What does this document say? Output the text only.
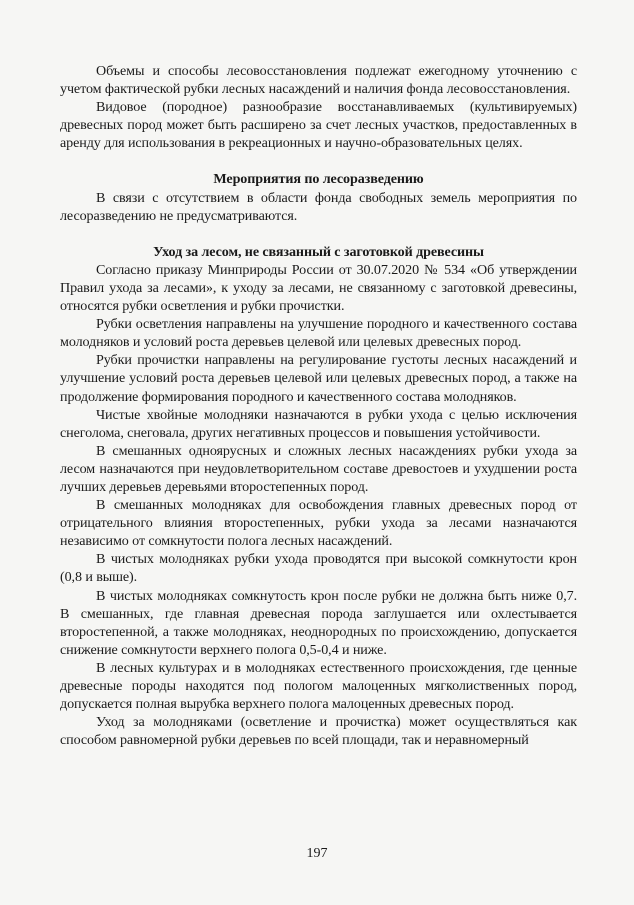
Объемы и способы лесовосстановления подлежат ежегодному уточнению с учетом фактической рубки лесных насаждений и наличия фонда лесовосстановления.

Видовое (породное) разнообразие восстанавливаемых (культивируемых) древесных пород может быть расширено за счет лесных участков, предоставленных в аренду для использования в рекреационных и научно-образовательных целях.

Мероприятия по лесоразведению

В связи с отсутствием в области фонда свободных земель мероприятия по лесоразведению не предусматриваются.

Уход за лесом, не связанный с заготовкой древесины

Согласно приказу Минприроды России от 30.07.2020 № 534 «Об утверждении Правил ухода за лесами», к уходу за лесами, не связанному с заготовкой древесины, относятся рубки осветления и рубки прочистки.

Рубки осветления направлены на улучшение породного и качественного состава молодняков и условий роста деревьев целевой или целевых древесных пород.

Рубки прочистки направлены на регулирование густоты лесных насаждений и улучшение условий роста деревьев целевой или целевых древесных пород, а также на продолжение формирования породного и качественного состава молодняков.

Чистые хвойные молодняки назначаются в рубки ухода с целью исключения снеголома, снеговала, других негативных процессов и повышения устойчивости.

В смешанных одноярусных и сложных лесных насаждениях рубки ухода за лесом назначаются при неудовлетворительном составе древостоев и ухудшении роста лучших деревьев деревьями второстепенных пород.

В смешанных молодняках для освобождения главных древесных пород от отрицательного влияния второстепенных, рубки ухода за лесами назначаются независимо от сомкнутости полога лесных насаждений.

В чистых молодняках рубки ухода проводятся при высокой сомкнутости крон (0,8 и выше).

В чистых молодняках сомкнутость крон после рубки не должна быть ниже 0,7. В смешанных, где главная древесная порода заглушается или охлестывается второстепенной, а также молодняках, неоднородных по происхождению, допускается снижение сомкнутости верхнего полога 0,5-0,4 и ниже.

В лесных культурах и в молодняках естественного происхождения, где ценные древесные породы находятся под пологом малоценных мягколиственных пород, допускается полная вырубка верхнего полога малоценных древесных пород.

Уход за молодняками (осветление и прочистка) может осуществляться как способом равномерной рубки деревьев по всей площади, так и неравномерный

197
